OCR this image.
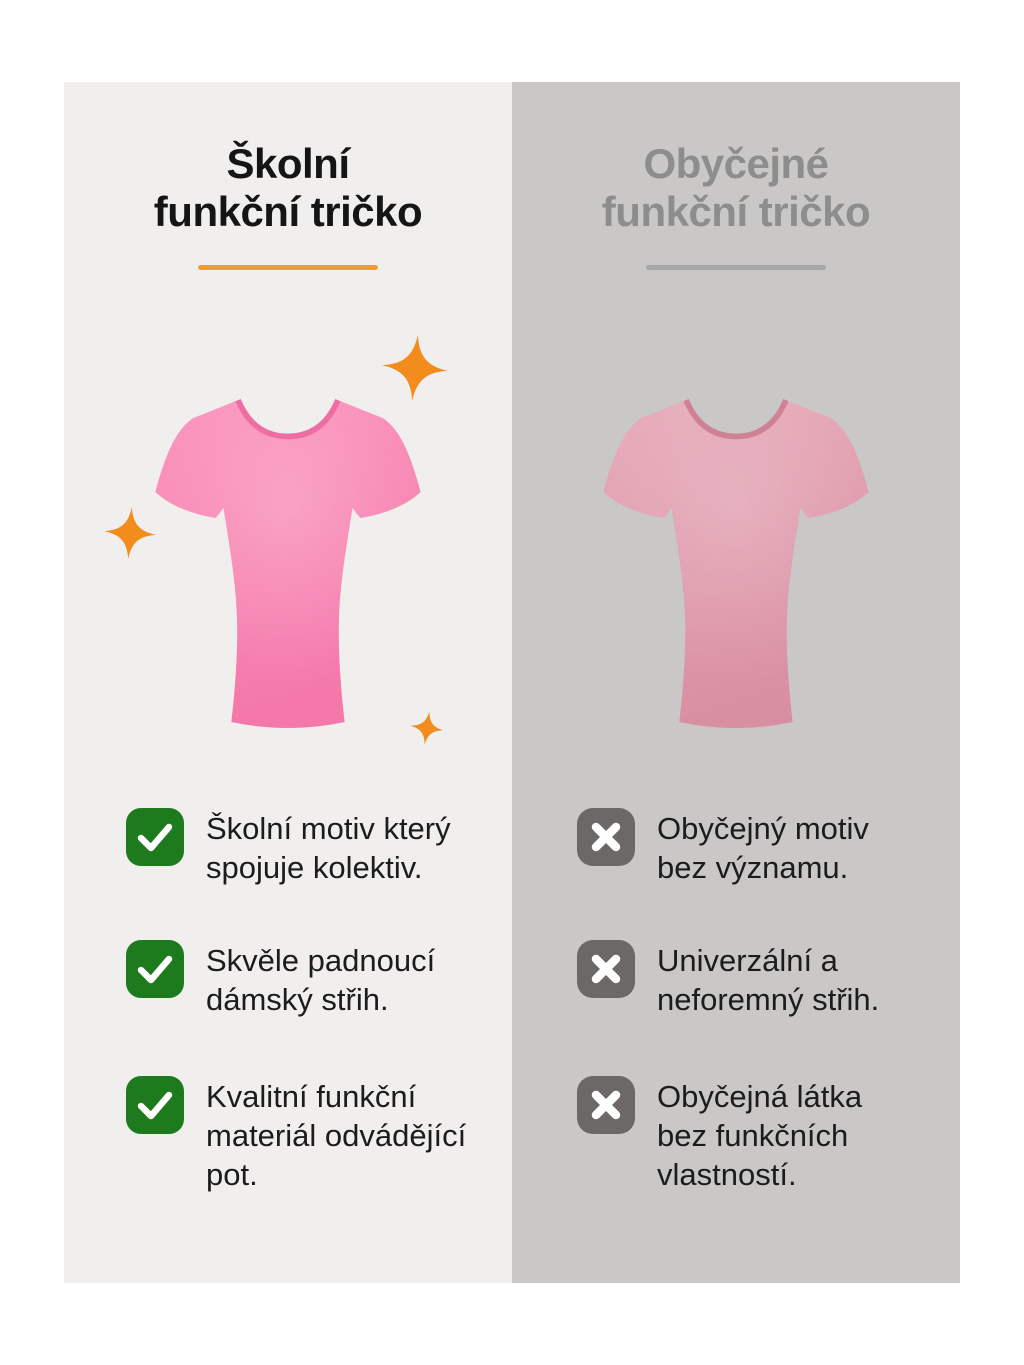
Školní
funkční tričko

Školní motiv který
spojuje kolektiv.

Skvěle padnoucí
dámský střih.

Kvalitní funkční
materiál odvádějící
pot.

Obyčejné
funkční tričko

Obyčejný motiv
bez významu.

Univerzální a
neforemný střih.

Obyčejná látka
bez funkčních
vlastností.
